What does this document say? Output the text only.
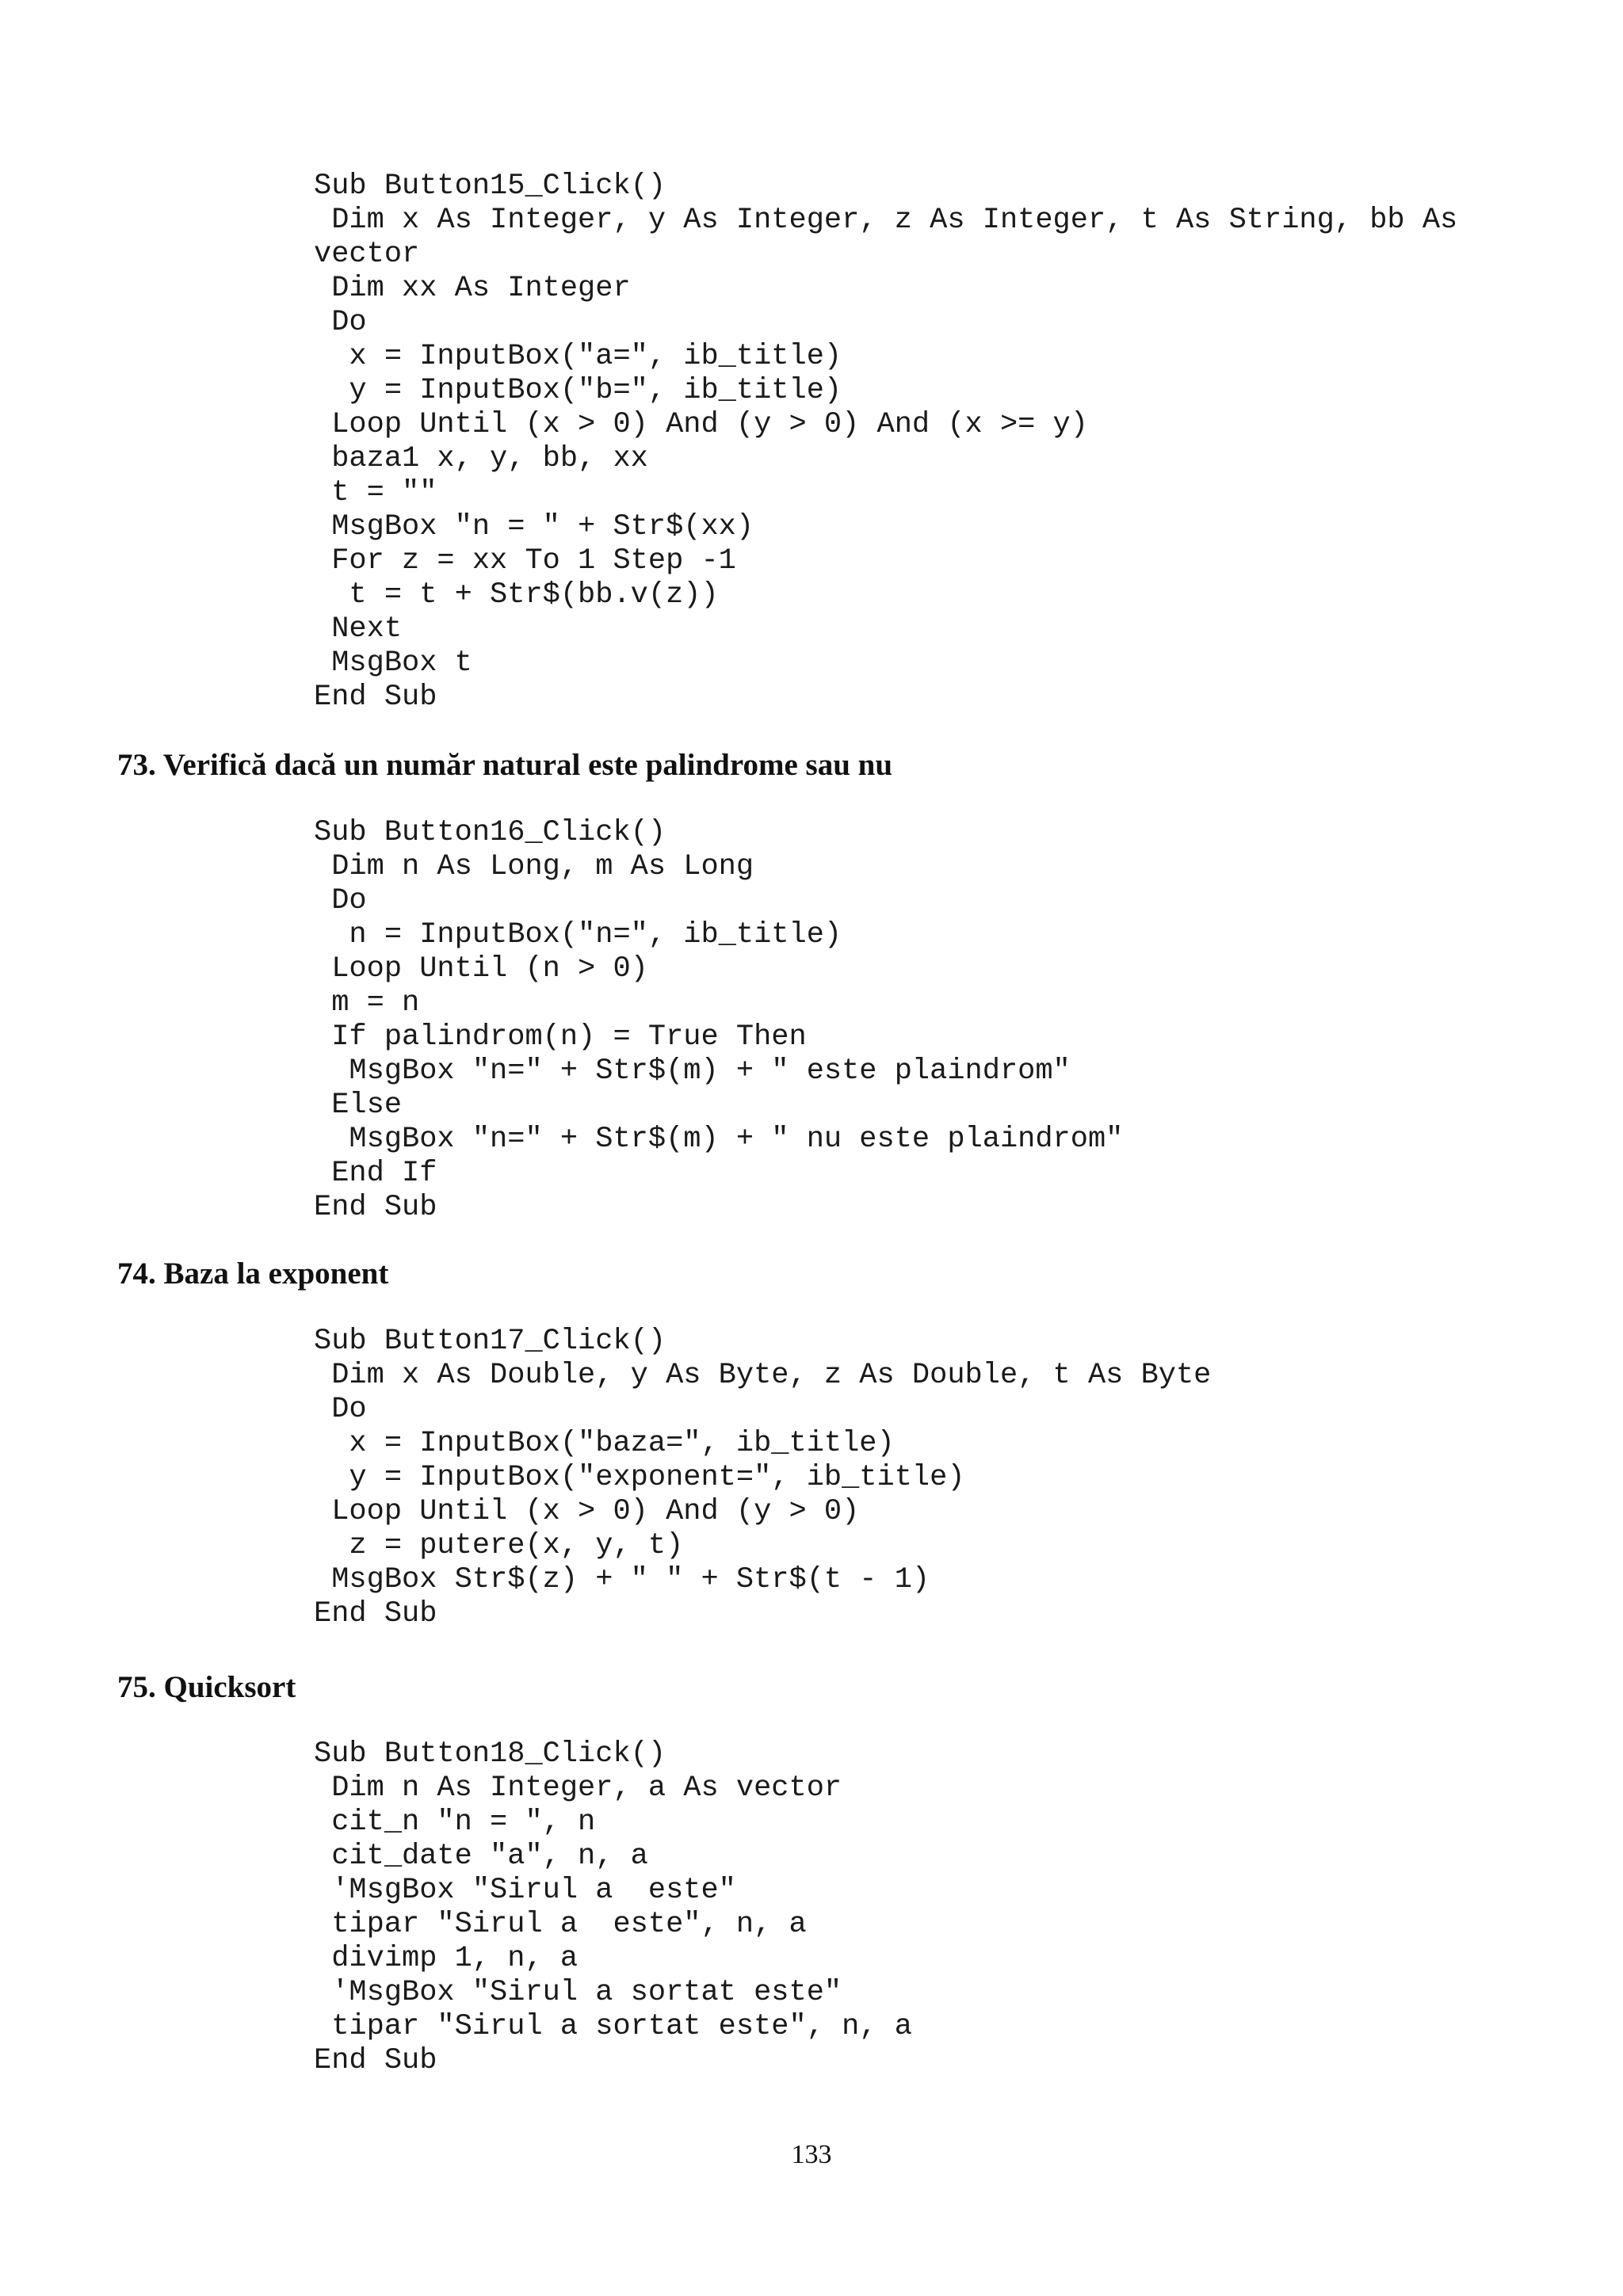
Sub Button15_Click()
Dim x As Integer, y As Integer, z As Integer, t As String, bb As
vector
Dim xx As Integer
Do
x = InputBox("a=", ib_title)
y = InputBox("b=", ib_title)
Loop Until (x > 0) And (y > 0) And (x >= y)
baza1 x, y, bb, xx
t = ""
MsgBox "n = " + Str$(xx)
For z = xx To 1 Step -1
t = t + Str$(bb.v(z))
Next
MsgBox t
End Sub
73. Verifică dacă un număr natural este palindrome sau nu
Sub Button16_Click()
Dim n As Long, m As Long
Do
n = InputBox("n=", ib_title)
Loop Until (n > 0)
m = n
If palindrom(n) = True Then
MsgBox "n=" + Str$(m) + " este plaindrom"
Else
MsgBox "n=" + Str$(m) + " nu este plaindrom"
End If
End Sub
74. Baza la exponent
Sub Button17_Click()
Dim x As Double, y As Byte, z As Double, t As Byte
Do
x = InputBox("baza=", ib_title)
y = InputBox("exponent=", ib_title)
Loop Until (x > 0) And (y > 0)
z = putere(x, y, t)
MsgBox Str$(z) + " " + Str$(t - 1)
End Sub
75. Quicksort
Sub Button18_Click()
Dim n As Integer, a As vector
cit_n "n = ", n
cit_date "a", n, a
'MsgBox "Sirul a  este"
tipar "Sirul a  este", n, a
divimp 1, n, a
'MsgBox "Sirul a sortat este"
tipar "Sirul a sortat este", n, a
End Sub
133
